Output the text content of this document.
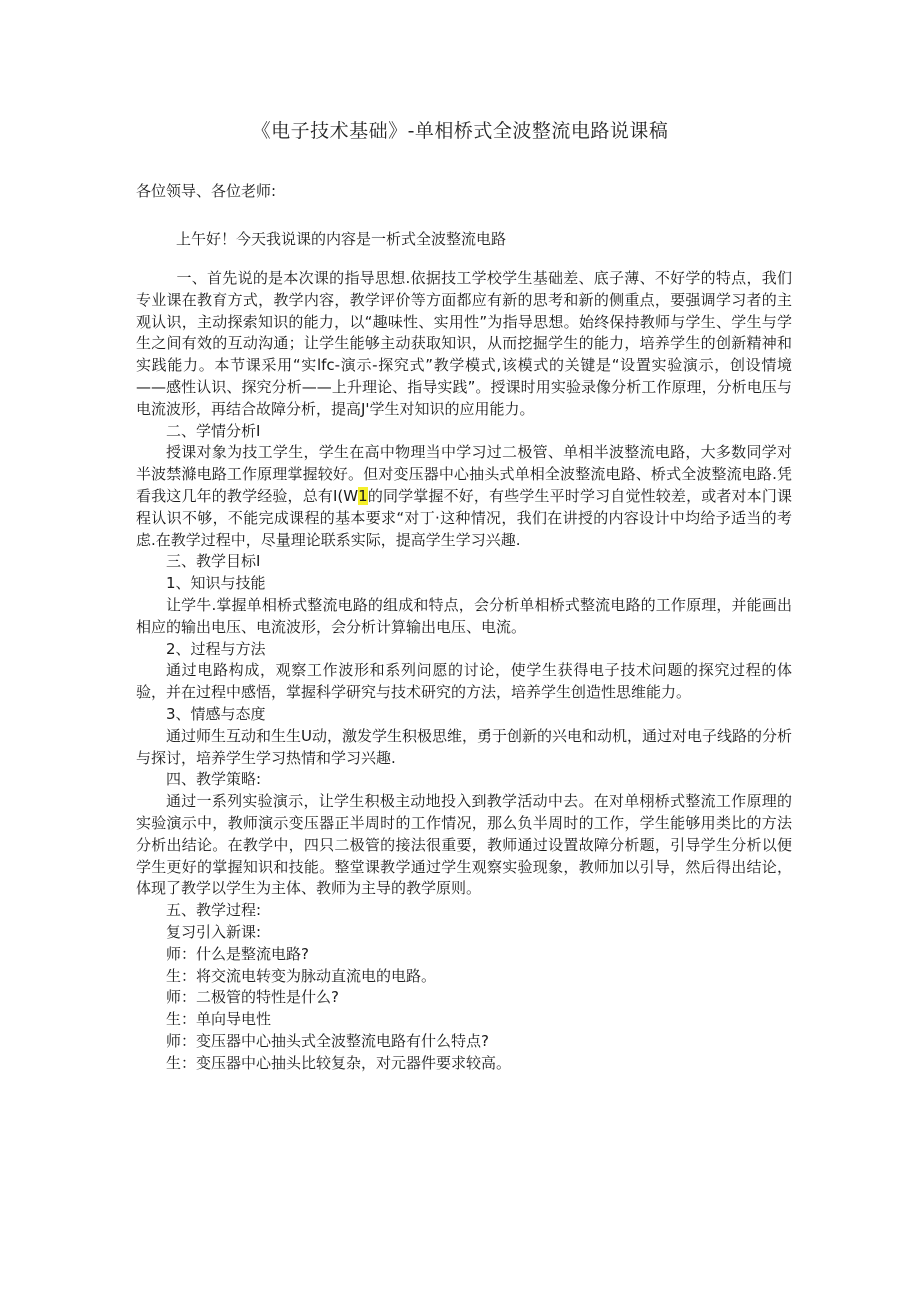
《电子技术基础》-单相桥式全波整流电路说课稿

各位领导、各位老师:

上午好！今天我说课的内容是一析式全波整流电路

一、首先说的是本次课的指导思想.依据技工学校学生基础差、底子薄、不好学的特点，我们专业课在教育方式，教学内容，教学评价等方面都应有新的思考和新的侧重点，要强调学习者的主观认识，主动探索知识的能力，以“趣味性、实用性”为指导思想。始终保持教师与学生、学生与学生之间有效的互动沟通；让学生能够主动获取知识，从而挖掘学生的能力，培养学生的创新精神和实践能力。本节课采用“实lfc-演示-探究式”教学模式,该模式的关键是“设置实验演示，创设情境——感性认识、探究分析——上升理论、指导实践”。授课时用实验录像分析工作原理，分析电压与电流波形，再结合故障分析，提高J'学生对知识的应用能力。

二、学情分析I

授课对象为技工学生，学生在高中物理当中学习过二极管、单相半波整流电路，大多数同学对半波禁滌电路工作原理掌握较好。但对变压器中心抽头式单相全波整流电路、桥式全波整流电路.凭看我这几年的教学经验，总有I(W1的同学掌握不好，有些学生平时学习自觉性较差，或者对本门课程认识不够，不能完成课程的基本要求“对丁·这种情况，我们在讲授的内容设计中均给予适当的考虑.在教学过程中，尽量理论联系实际，提高学生学习兴趣.

三、教学目标I

1、知识与技能

让学牛.掌握单相桥式整流电路的组成和特点，会分析单相桥式整流电路的工作原理，并能画出相应的输出电压、电流波形，会分析计算输出电压、电流。

2、过程与方法

通过电路构成，观察工作波形和系列问愿的讨论，使学生获得电子技术问题的探究过程的体验，并在过程中感悟，掌握科学研究与技术研究的方法，培养学生创造性思维能力。

3、情感与态度

通过师生互动和生生U动，激发学生积极思维，勇于创新的兴电和动机，通过对电子线路的分析与探讨，培养学生学习热情和学习兴趣.

四、教学策略:

通过一系列实验演示，让学生积极主动地投入到教学活动中去。在对单栩桥式整流工作原理的实验演示中，教师演示变压器正半周时的工作情况，那么负半周时的工作，学生能够用类比的方法分析出结论。在教学中，四只二极管的接法很重要，教师通过设置故障分析题，引导学生分析以便学生更好的掌握知识和技能。整堂课教学通过学生观察实验现象，教师加以引导，然后得出结论，体现了教学以学生为主体、教师为主导的教学原则。

五、教学过程:

复习引入新课:

师：什么是整流电路?

生：将交流电转变为脉动直流电的电路。

师：二极管的特性是什么?

生：单向导电性

师：变压器中心抽头式全波整流电路有什么特点?

生：变压器中心抽头比较复杂，对元器件要求较高。
